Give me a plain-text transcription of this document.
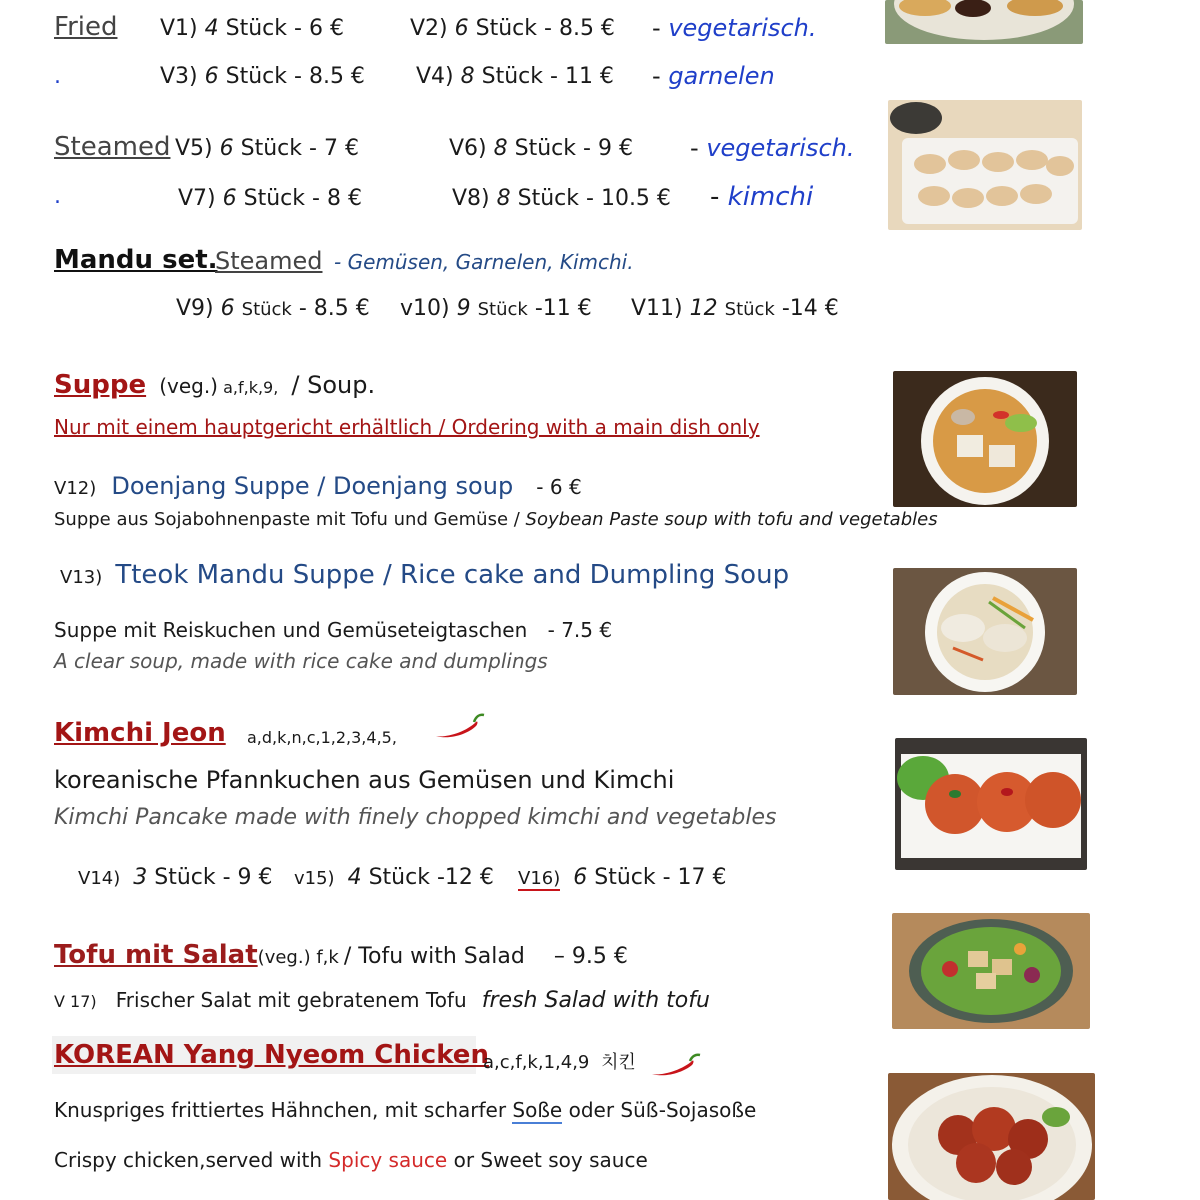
Fried V1) 4 Stück - 6 €	V2) 6 Stück - 8.5 € - vegetarisch.
.	V3) 6 Stück - 8.5 € V4) 8 Stück - 11 € - garnelen
Steamed V5) 6 Stück - 7 €	V6) 8 Stück - 9 € - vegetarisch.
.	V7) 6 Stück - 8 €	V8) 8 Stück - 10.5 € - kimchi
Mandu set.
Steamed - Gemüsen, Garnelen, Kimchi.
V9) 6 Stück - 8.5 € v10) 9 Stück -11 € V11) 12 Stück -14 €
Suppe (veg.) a,f,k,9, / Soup.
Nur mit einem hauptgericht erhältlich / Ordering with a main dish only
V12) Doenjang Suppe / Doenjang soup - 6 €
Suppe aus Sojabohnenpaste mit Tofu und Gemüse / Soybean Paste soup with tofu and vegetables
V13) Tteok Mandu Suppe / Rice cake and Dumpling Soup
Suppe mit Reiskuchen und Gemüseteigtaschen - 7.5 €
A clear soup, made with rice cake and dumplings
Kimchi Jeon a,d,k,n,c,1,2,3,4,5,
koreanische Pfannkuchen aus Gemüsen und Kimchi
Kimchi Pancake made with finely chopped kimchi and vegetables
V14) 3 Stück - 9 € v15) 4 Stück -12 € V16) 6 Stück - 17 €
Tofu mit Salat(veg.) f,k / Tofu with Salad – 9.5 €
V 17) Frischer Salat mit gebratenem Tofu fresh Salad with tofu
KOREAN Yang Nyeom Chicken
a,c,f,k,1,4,9 치킨
Knuspriges frittiertes Hähnchen, mit scharfer Soße oder Süß-Sojasoße
Crispy chicken,served with Spicy sauce or Sweet soy sauce
